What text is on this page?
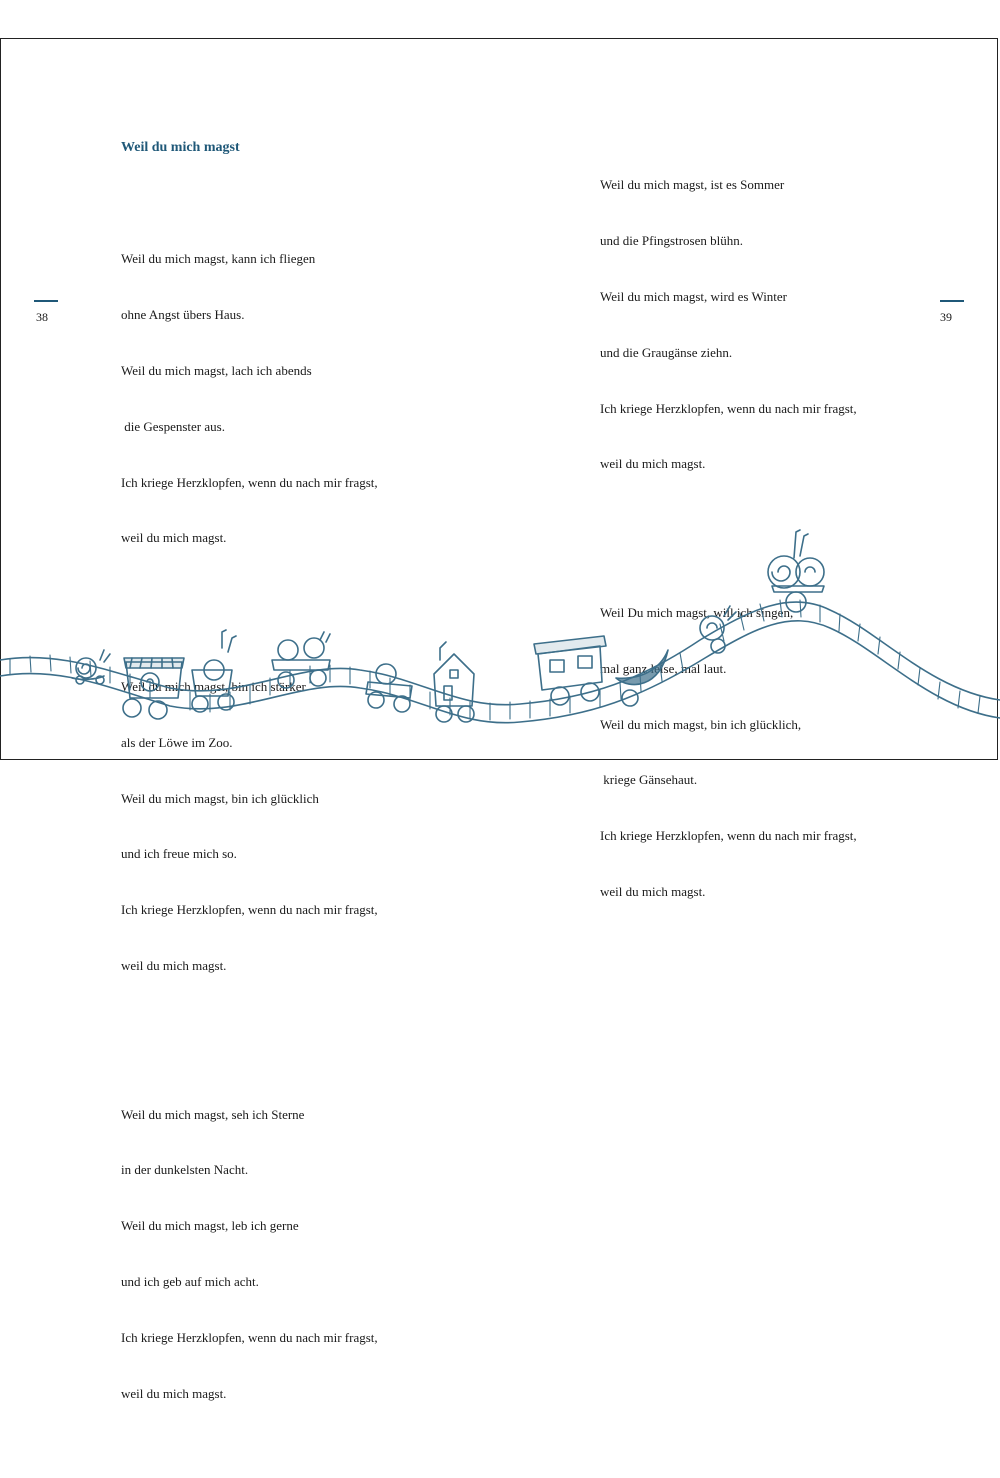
38	39
Weil du mich magst

Weil du mich magst, kann ich fliegen

ohne Angst übers Haus.

Weil du mich magst, lach ich abends

die Gespenster aus.

Ich kriege Herzklopfen, wenn du nach mir fragst,

weil du mich magst.

Weil du mich magst, bin ich stärker

als der Löwe im Zoo.

Weil du mich magst, bin ich glücklich

und ich freue mich so.

Ich kriege Herzklopfen, wenn du nach mir fragst,

weil du mich magst.

Weil du mich magst, seh ich Sterne

in der dunkelsten Nacht.

Weil du mich magst, leb ich gerne

und ich geb auf mich acht.

Ich kriege Herzklopfen, wenn du nach mir fragst,

weil du mich magst.

Weil du mich magst, ist es Sommer

und die Pfingstrosen blühn.

Weil du mich magst, wird es Winter

und die Graugänse ziehn.

Ich kriege Herzklopfen, wenn du nach mir fragst,

weil du mich magst.

Weil Du mich magst, will ich singen,

mal ganz leise, mal laut.

Weil du mich magst, bin ich glücklich,

kriege Gänsehaut.

Ich kriege Herzklopfen, wenn du nach mir fragst,

weil du mich magst.
